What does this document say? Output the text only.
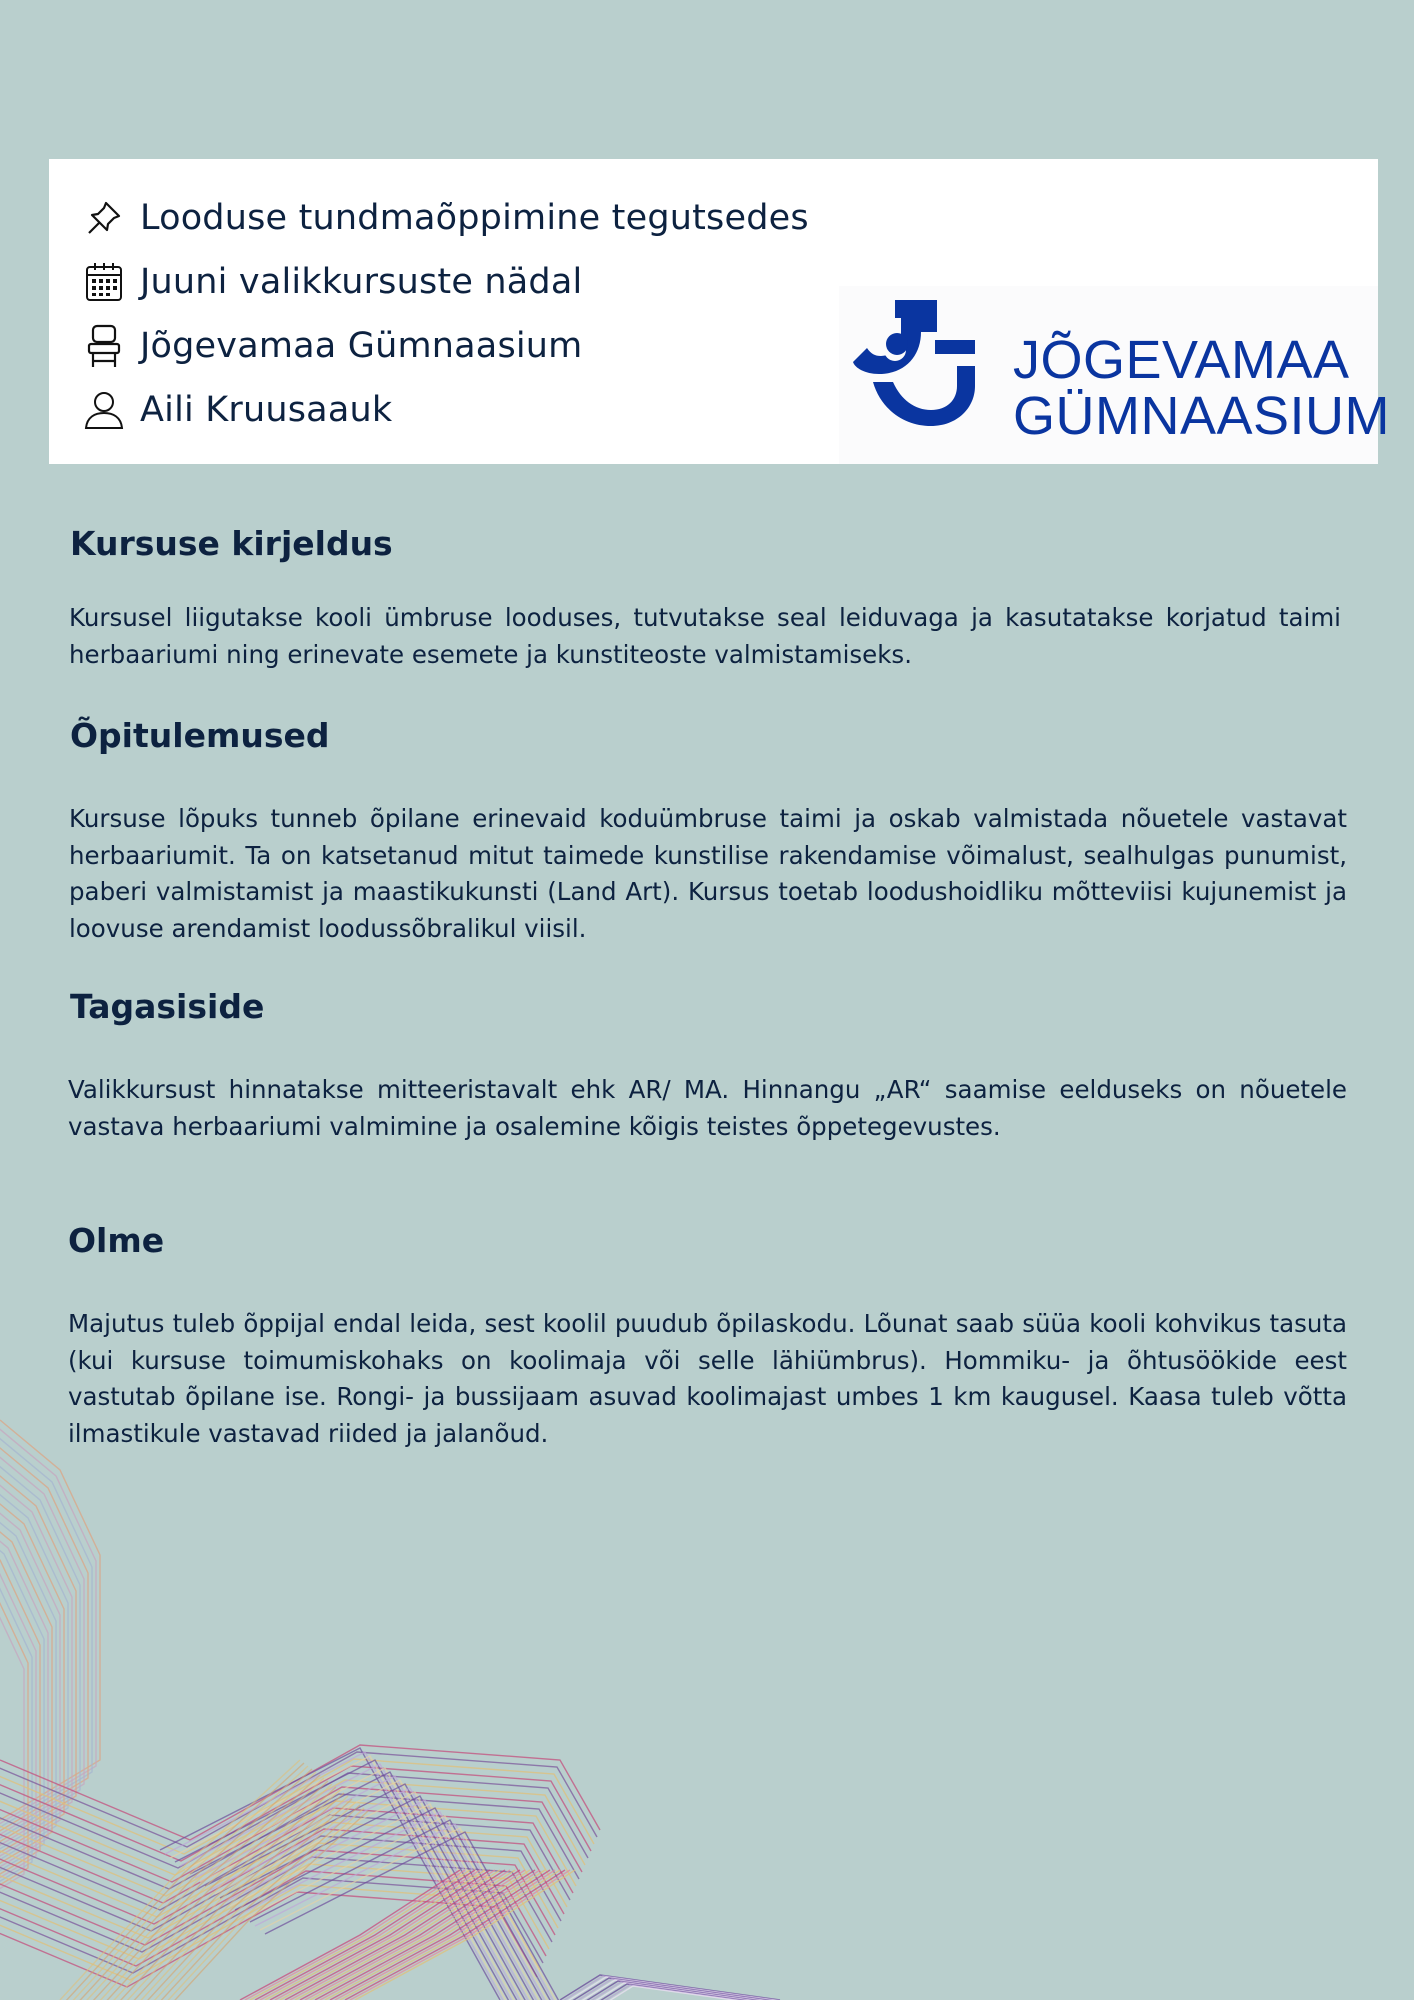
Looduse tundmaõppimine tegutsedes
Juuni valikkursuste nädal
Jõgevamaa Gümnaasium
Aili Kruusaauk
JÕGEVAMAA
GÜMNAASIUM
Kursuse kirjeldus

Kursusel liigutakse kooli ümbruse looduses, tutvutakse seal leiduvaga ja kasutatakse korjatud taimi herbaariumi ning erinevate esemete ja kunstiteoste valmistamiseks.

Õpitulemused

Kursuse lõpuks tunneb õpilane erinevaid koduümbruse taimi ja oskab valmistada nõuetele vastavat herbaariumit. Ta on katsetanud mitut taimede kunstilise rakendamise võimalust, sealhulgas punumist, paberi valmistamist ja maastikukunsti (Land Art). Kursus toetab loodushoidliku mõtteviisi kujunemist ja loovuse arendamist loodussõbralikul viisil.

Tagasiside

Valikkursust hinnatakse mitteeristavalt ehk AR/ MA. Hinnangu „AR“ saamise eelduseks on nõuetele vastava herbaariumi valmimine ja osalemine kõigis teistes õppetegevustes.

Olme

Majutus tuleb õppijal endal leida, sest koolil puudub õpilaskodu. Lõunat saab süüa kooli kohvikus tasuta (kui kursuse toimumiskohaks on koolimaja või selle lähiümbrus). Hommiku- ja õhtusöökide eest vastutab õpilane ise. Rongi- ja bussijaam asuvad koolimajast umbes 1 km kaugusel. Kaasa tuleb võtta ilmastikule vastavad riided ja jalanõud.
